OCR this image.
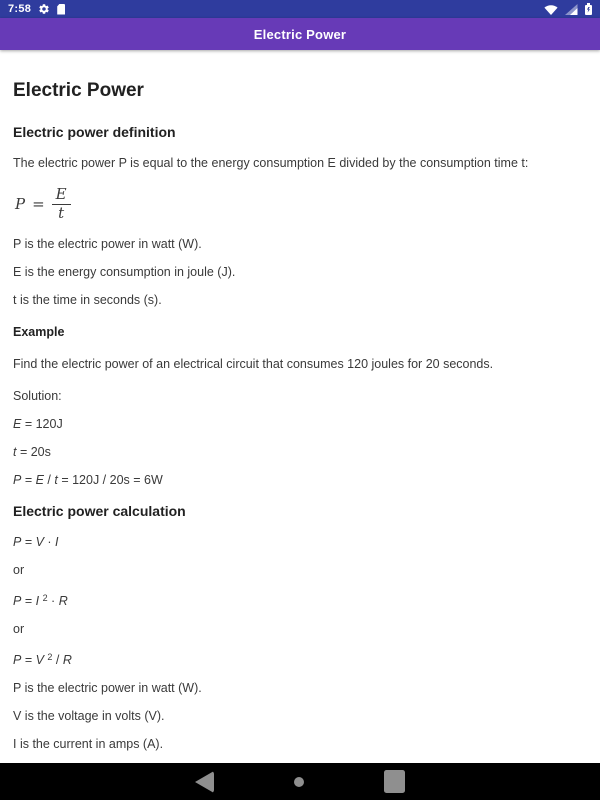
7:58
Electric Power
Electric Power
Electric power definition

The electric power P is equal to the energy consumption E divided by the consumption time t:

$P = \frac{E}{t}$

P is the electric power in watt (W).

E is the energy consumption in joule (J).

t is the time in seconds (s).

Example

Find the electric power of an electrical circuit that consumes 120 joules for 20 seconds.

Solution:

E = 120J

t = 20s

P = E / t = 120J / 20s = 6W

Electric power calculation

P = V · I

or

P = I $^2$ · R

or

P = V $^2$ / R

P is the electric power in watt (W).

V is the voltage in volts (V).

I is the current in amps (A).
